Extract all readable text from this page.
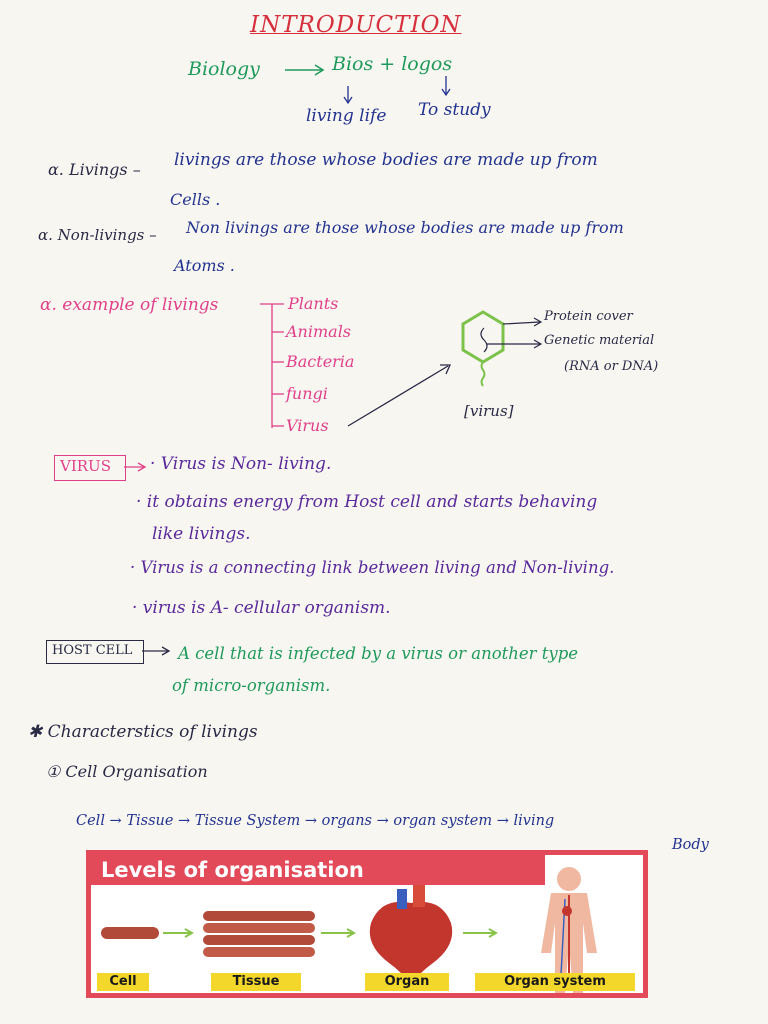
INTRODUCTION
Biology	Bios + logos
living life To study
α. Livings – livings are those whose bodies are made up from
Cells .
α. Non-livings – Non livings are those whose bodies are made up from
Atoms .
α. example of livings	Plants
Animals
Bacteria
fungi
Virus
Protein cover
Genetic material
(RNA or DNA)
[virus]
VIRUS · Virus is Non- living.
· it obtains energy from Host cell and starts behaving
like livings.
· Virus is a connecting link between living and Non-living.
· virus is A- cellular organism.
HOST CELL	A cell that is infected by a virus or another type
of micro-organism.
✱ Characterstics of livings
① Cell Organisation
Cell → Tissue → Tissue System → organs → organ system → living
Body
Levels of organisation
Cell	Tissue	Organ	Organ system
